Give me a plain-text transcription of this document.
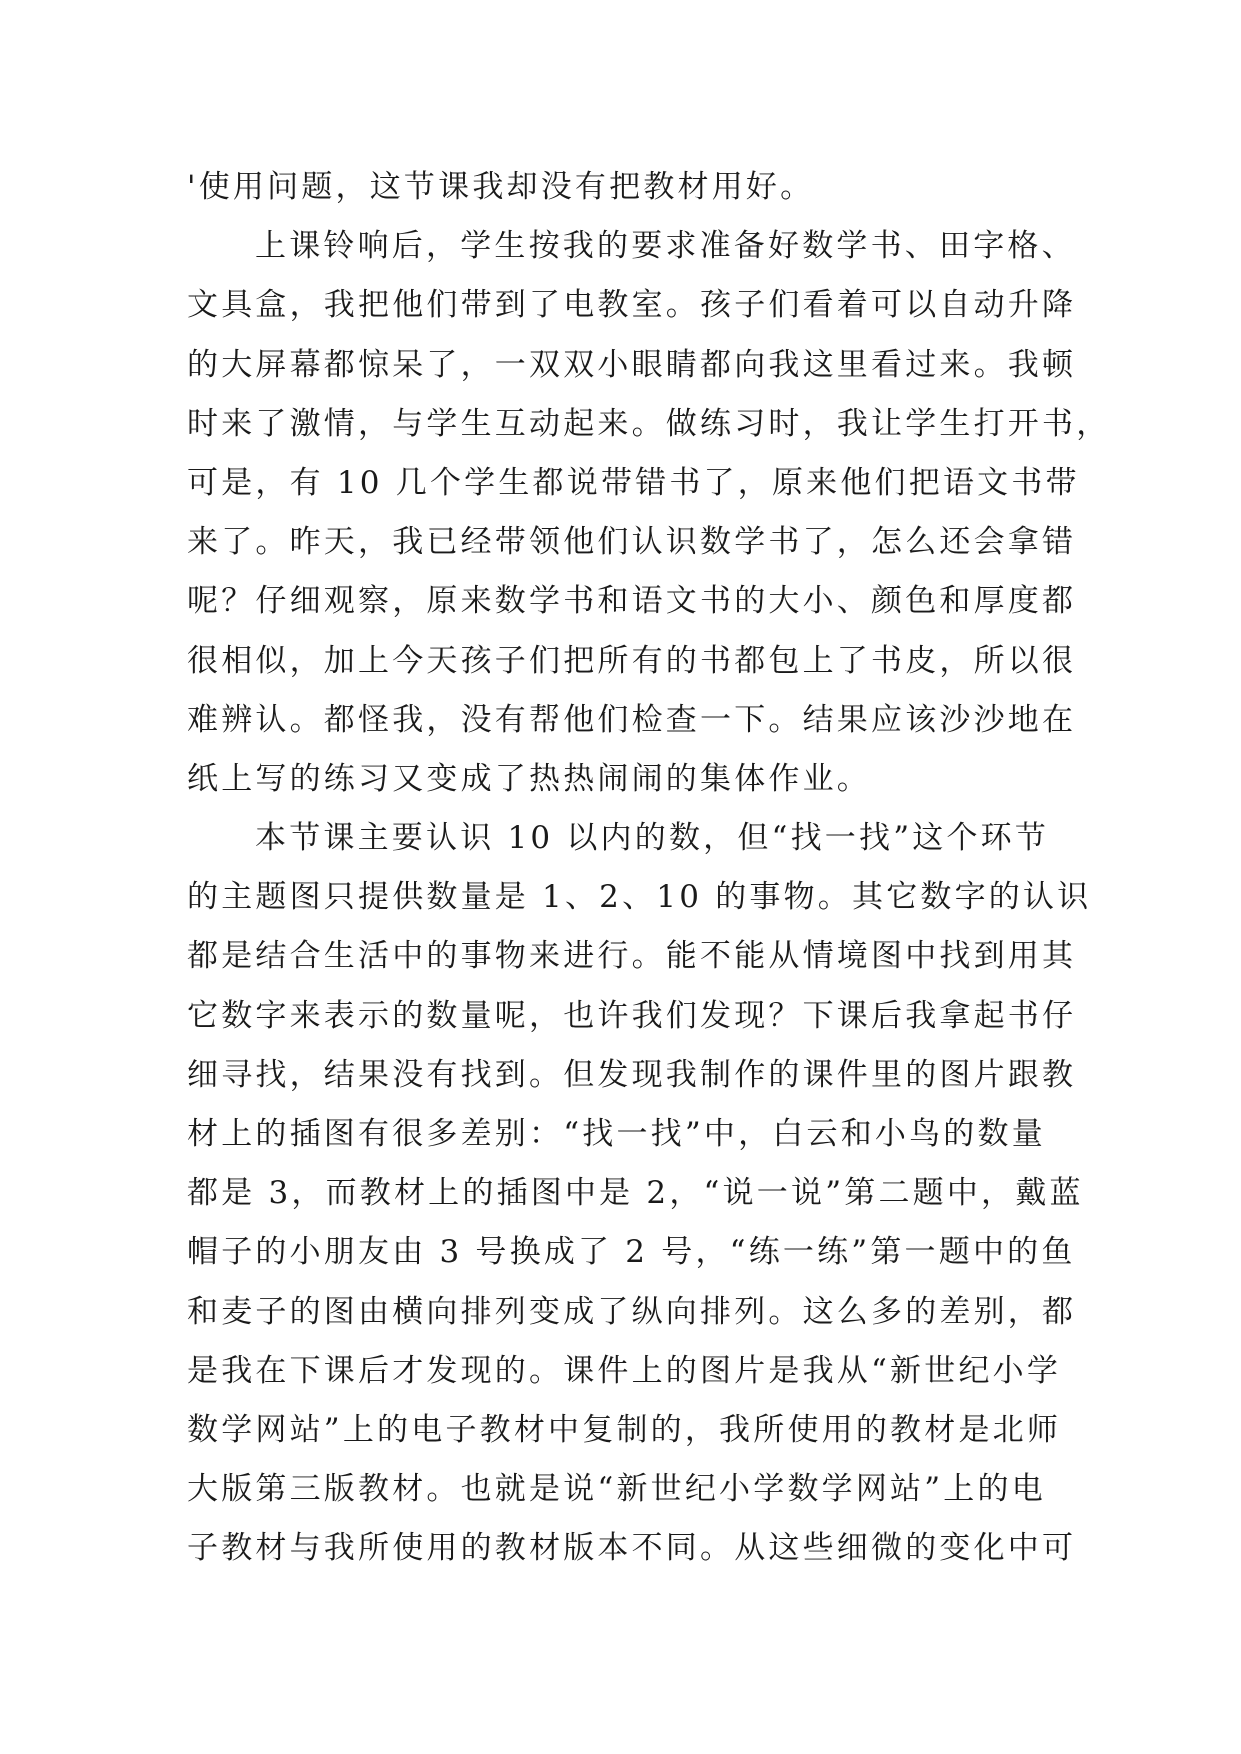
'使用问题，这节课我却没有把教材用好。
上课铃响后，学生按我的要求准备好数学书、田字格、
文具盒，我把他们带到了电教室。孩子们看着可以自动升降
的大屏幕都惊呆了，一双双小眼睛都向我这里看过来。我顿
时来了激情，与学生互动起来。做练习时，我让学生打开书，
可是，有 10 几个学生都说带错书了，原来他们把语文书带
来了。昨天，我已经带领他们认识数学书了，怎么还会拿错
呢？仔细观察，原来数学书和语文书的大小、颜色和厚度都
很相似，加上今天孩子们把所有的书都包上了书皮，所以很
难辨认。都怪我，没有帮他们检查一下。结果应该沙沙地在
纸上写的练习又变成了热热闹闹的集体作业。
本节课主要认识 10 以内的数，但“找一找”这个环节
的主题图只提供数量是 1、2、10 的事物。其它数字的认识
都是结合生活中的事物来进行。能不能从情境图中找到用其
它数字来表示的数量呢，也许我们发现？下课后我拿起书仔
细寻找，结果没有找到。但发现我制作的课件里的图片跟教
材上的插图有很多差别：“找一找”中，白云和小鸟的数量
都是 3，而教材上的插图中是 2，“说一说”第二题中，戴蓝
帽子的小朋友由 3 号换成了 2 号，“练一练”第一题中的鱼
和麦子的图由横向排列变成了纵向排列。这么多的差别，都
是我在下课后才发现的。课件上的图片是我从“新世纪小学
数学网站”上的电子教材中复制的，我所使用的教材是北师
大版第三版教材。也就是说“新世纪小学数学网站”上的电
子教材与我所使用的教材版本不同。从这些细微的变化中可
